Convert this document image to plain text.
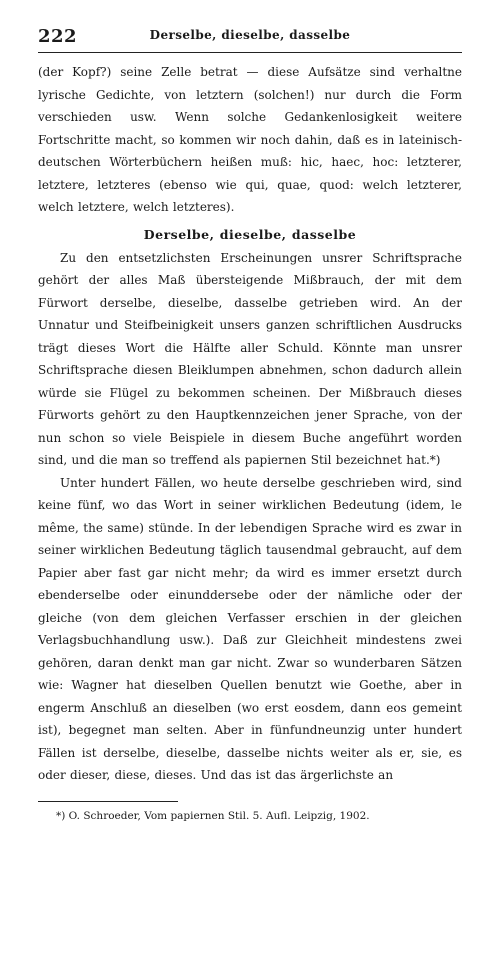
222	Derselbe, dieselbe, dasselbe

(der Kopf?) seine Zelle betrat — diese Aufsätze sind verhaltne lyrische Gedichte, von letztern (solchen!) nur durch die Form verschieden usw. Wenn solche Gedankenlosigkeit weitere Fortschritte macht, so kommen wir noch dahin, daß es in lateinisch-deutschen Wörterbüchern heißen muß: hic, haec, hoc: letzterer, letztere, letzteres (ebenso wie qui, quae, quod: welch letzterer, welch letztere, welch letzteres).

Derselbe, dieselbe, dasselbe

Zu den entsetzlichsten Erscheinungen unsrer Schriftsprache gehört der alles Maß übersteigende Mißbrauch, der mit dem Fürwort derselbe, dieselbe, dasselbe getrieben wird. An der Unnatur und Steifbeinigkeit unsers ganzen schriftlichen Ausdrucks trägt dieses Wort die Hälfte aller Schuld. Könnte man unsrer Schriftsprache diesen Bleiklumpen abnehmen, schon dadurch allein würde sie Flügel zu bekommen scheinen. Der Mißbrauch dieses Fürworts gehört zu den Hauptkennzeichen jener Sprache, von der nun schon so viele Beispiele in diesem Buche angeführt worden sind, und die man so treffend als papiernen Stil bezeichnet hat.*)

Unter hundert Fällen, wo heute derselbe geschrieben wird, sind keine fünf, wo das Wort in seiner wirklichen Bedeutung (idem, le même, the same) stünde. In der lebendigen Sprache wird es zwar in seiner wirklichen Bedeutung täglich tausendmal gebraucht, auf dem Papier aber fast gar nicht mehr; da wird es immer ersetzt durch ebenderselbe oder einunddersebe oder der nämliche oder der gleiche (von dem gleichen Verfasser erschien in der gleichen Verlagsbuchhandlung usw.). Daß zur Gleichheit mindestens zwei gehören, daran denkt man gar nicht. Zwar so wunderbaren Sätzen wie: Wagner hat dieselben Quellen benutzt wie Goethe, aber in engerm Anschluß an dieselben (wo erst eosdem, dann eos gemeint ist), begegnet man selten. Aber in fünfundneunzig unter hundert Fällen ist derselbe, dieselbe, dasselbe nichts weiter als er, sie, es oder dieser, diese, dieses. Und das ist das ärgerlichste an

*) O. Schroeder, Vom papiernen Stil. 5. Aufl. Leipzig, 1902.
